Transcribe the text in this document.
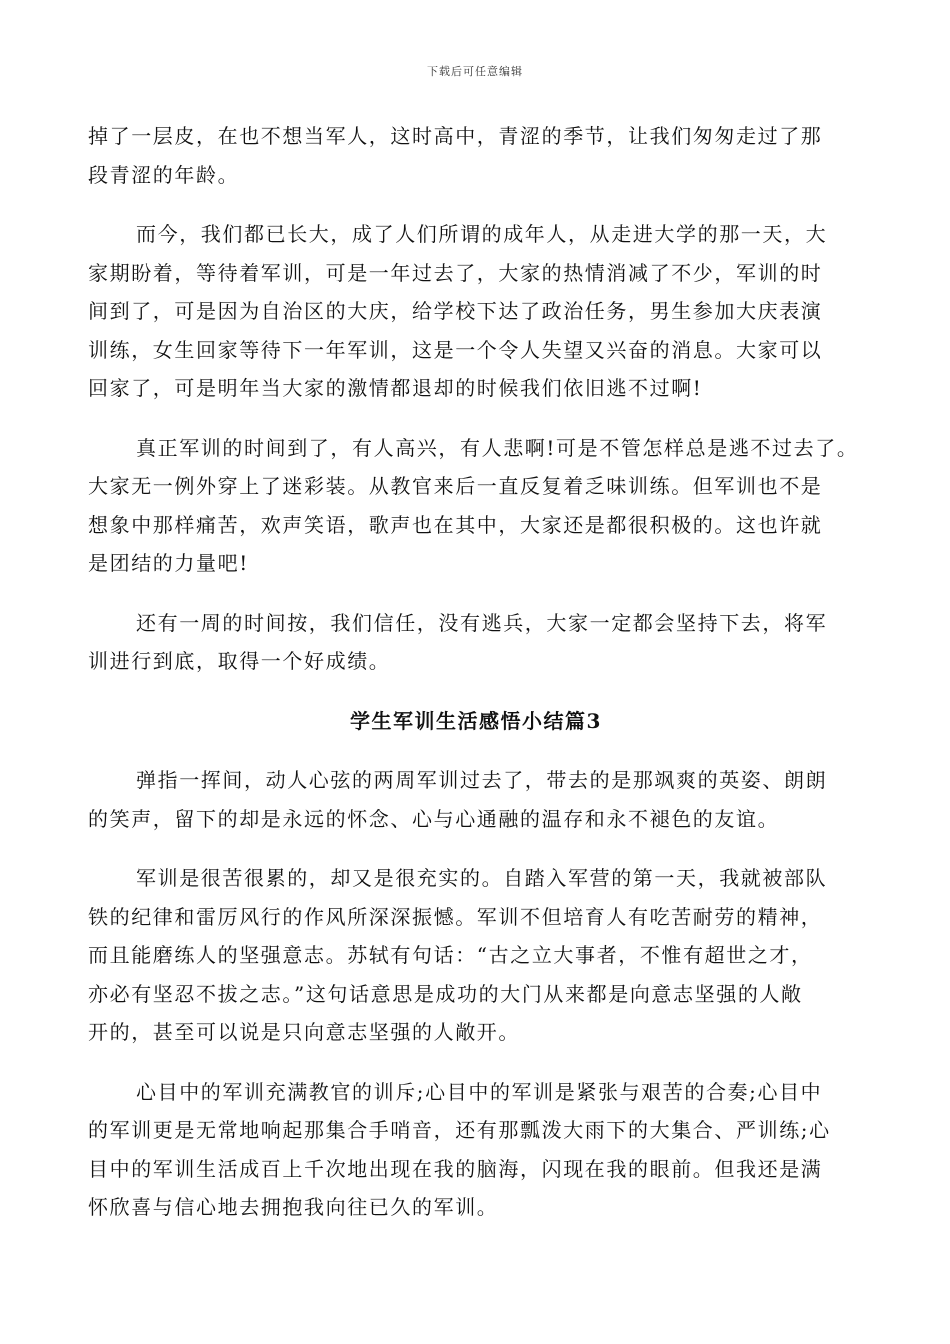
下载后可任意编辑

掉了一层皮，在也不想当军人，这时高中，青涩的季节，让我们匆匆走过了那
段青涩的年龄。

而今，我们都已长大，成了人们所谓的成年人，从走进大学的那一天，大
家期盼着，等待着军训，可是一年过去了，大家的热情消减了不少，军训的时
间到了，可是因为自治区的大庆，给学校下达了政治任务，男生参加大庆表演
训练，女生回家等待下一年军训，这是一个令人失望又兴奋的消息。大家可以
回家了，可是明年当大家的激情都退却的时候我们依旧逃不过啊!

真正军训的时间到了，有人高兴，有人悲啊!可是不管怎样总是逃不过去了。
大家无一例外穿上了迷彩装。从教官来后一直反复着乏味训练。但军训也不是
想象中那样痛苦，欢声笑语，歌声也在其中，大家还是都很积极的。这也许就
是团结的力量吧!

还有一周的时间按，我们信任，没有逃兵，大家一定都会坚持下去，将军
训进行到底，取得一个好成绩。

学生军训生活感悟小结篇3

弹指一挥间，动人心弦的两周军训过去了，带去的是那飒爽的英姿、朗朗
的笑声，留下的却是永远的怀念、心与心通融的温存和永不褪色的友谊。

军训是很苦很累的，却又是很充实的。自踏入军营的第一天，我就被部队
铁的纪律和雷厉风行的作风所深深振憾。军训不但培育人有吃苦耐劳的精神，
而且能磨练人的坚强意志。苏轼有句话：“古之立大事者，不惟有超世之才，
亦必有坚忍不拔之志。”这句话意思是成功的大门从来都是向意志坚强的人敞
开的，甚至可以说是只向意志坚强的人敞开。

心目中的军训充满教官的训斥;心目中的军训是紧张与艰苦的合奏;心目中
的军训更是无常地响起那集合手哨音，还有那瓢泼大雨下的大集合、严训练;心
目中的军训生活成百上千次地出现在我的脑海，闪现在我的眼前。但我还是满
怀欣喜与信心地去拥抱我向往已久的军训。
